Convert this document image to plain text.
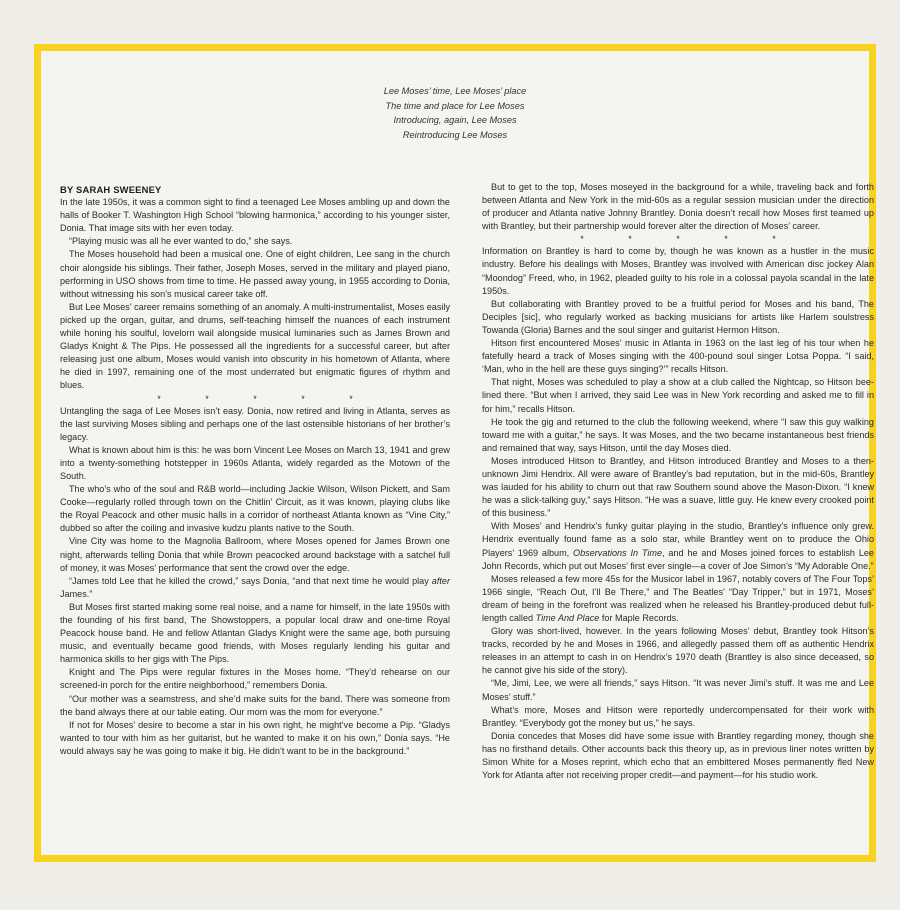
Lee Moses’ time, Lee Moses’ place
The time and place for Lee Moses
Introducing, again, Lee Moses
Reintroducing Lee Moses
BY SARAH SWEENEY

In the late 1950s, it was a common sight to find a teenaged Lee Moses ambling up and down the halls of Booker T. Washington High School “blowing harmonica,” according to his younger sister, Donia. That image sits with her even today.

“Playing music was all he ever wanted to do,” she says.

The Moses household had been a musical one. One of eight children, Lee sang in the church choir alongside his siblings. Their father, Joseph Moses, served in the military and played piano, performing in USO shows from time to time. He passed away young, in 1955 according to Donia, without witnessing his son’s musical career take off.

But Lee Moses’ career remains something of an anomaly. A multi-instrumentalist, Moses easily picked up the organ, guitar, and drums, self-teaching himself the nuances of each instrument while honing his soulful, lovelorn wail alongside musical luminaries such as James Brown and Gladys Knight & The Pips. He possessed all the ingredients for a successful career, but after releasing just one album, Moses would vanish into obscurity in his hometown of Atlanta, where he died in 1997, remaining one of the most underrated but enigmatic figures of rhythm and blues.

*	*	*	*	*

Untangling the saga of Lee Moses isn’t easy. Donia, now retired and living in Atlanta, serves as the last surviving Moses sibling and perhaps one of the last ostensible historians of her brother’s legacy.

What is known about him is this: he was born Vincent Lee Moses on March 13, 1941 and grew into a twenty-something hotstepper in 1960s Atlanta, widely regarded as the Motown of the South.

The who’s who of the soul and R&B world—including Jackie Wilson, Wilson Pickett, and Sam Cooke—regularly rolled through town on the Chitlin’ Circuit, as it was known, playing clubs like the Royal Peacock and other music halls in a corridor of northeast Atlanta known as “Vine City,” dubbed so after the coiling and invasive kudzu plants native to the South.

Vine City was home to the Magnolia Ballroom, where Moses opened for James Brown one night, afterwards telling Donia that while Brown peacocked around backstage with a satchel full of money, it was Moses’ performance that sent the crowd over the edge.

“James told Lee that he killed the crowd,” says Donia, “and that next time he would play after James.”

But Moses first started making some real noise, and a name for himself, in the late 1950s with the founding of his first band, The Showstoppers, a popular local draw and one-time Royal Peacock house band. He and fellow Atlantan Gladys Knight were the same age, both pursuing music, and eventually became good friends, with Moses regularly lending his guitar and harmonica skills to her gigs with The Pips.

Knight and The Pips were regular fixtures in the Moses home. “They’d rehearse on our screened-in porch for the entire neighborhood,” remembers Donia.

“Our mother was a seamstress, and she’d make suits for the band. There was someone from the band always there at our table eating. Our mom was the mom for everyone.”

If not for Moses’ desire to become a star in his own right, he might’ve become a Pip. “Gladys wanted to tour with him as her guitarist, but he wanted to make it on his own,” Donia says. “He would always say he was going to make it big. He didn’t want to be in the background.”

But to get to the top, Moses moseyed in the background for a while, traveling back and forth between Atlanta and New York in the mid-60s as a regular session musician under the direction of producer and Atlanta native Johnny Brantley. Donia doesn’t recall how Moses first teamed up with Brantley, but their partnership would forever alter the direction of Moses’ career.

*	*	*	*	*

Information on Brantley is hard to come by, though he was known as a hustler in the music industry. Before his dealings with Moses, Brantley was involved with American disc jockey Alan “Moondog” Freed, who, in 1962, pleaded guilty to his role in a colossal payola scandal in the late 1950s.

But collaborating with Brantley proved to be a fruitful period for Moses and his band, The Deciples [sic], who regularly worked as backing musicians for artists like Harlem soulstress Towanda (Gloria) Barnes and the soul singer and guitarist Hermon Hitson.

Hitson first encountered Moses’ music in Atlanta in 1963 on the last leg of his tour when he fatefully heard a track of Moses singing with the 400-pound soul singer Lotsa Poppa. “I said, ‘Man, who in the hell are these guys singing?’” recalls Hitson.

That night, Moses was scheduled to play a show at a club called the Nightcap, so Hitson bee-lined there. “But when I arrived, they said Lee was in New York recording and asked me to fill in for him,” recalls Hitson.

He took the gig and returned to the club the following weekend, where “I saw this guy walking toward me with a guitar,” he says. It was Moses, and the two became instantaneous best friends and remained that way, says Hitson, until the day Moses died.

Moses introduced Hitson to Brantley, and Hitson introduced Brantley and Moses to a then-unknown Jimi Hendrix. All were aware of Brantley’s bad reputation, but in the mid-60s, Brantley was lauded for his ability to churn out that raw Southern sound above the Mason-Dixon. “I knew he was a slick-talking guy,” says Hitson. “He was a suave, little guy. He knew every crooked point of this business.”

With Moses’ and Hendrix’s funky guitar playing in the studio, Brantley’s influence only grew. Hendrix eventually found fame as a solo star, while Brantley went on to produce the Ohio Players’ 1969 album, Observations In Time, and he and Moses joined forces to establish Lee John Records, which put out Moses’ first ever single—a cover of Joe Simon’s “My Adorable One.”

Moses released a few more 45s for the Musicor label in 1967, notably covers of The Four Tops’ 1966 single, “Reach Out, I’ll Be There,” and The Beatles’ “Day Tripper,” but in 1971, Moses’ dream of being in the forefront was realized when he released his Brantley-produced debut full-length called Time And Place for Maple Records.

Glory was short-lived, however. In the years following Moses’ debut, Brantley took Hitson’s tracks, recorded by he and Moses in 1966, and allegedly passed them off as authentic Hendrix releases in an attempt to cash in on Hendrix’s 1970 death (Brantley is also since deceased, so he cannot give his side of the story).

“Me, Jimi, Lee, we were all friends,” says Hitson. “It was never Jimi’s stuff. It was me and Lee Moses’ stuff.”

What’s more, Moses and Hitson were reportedly undercompensated for their work with Brantley. “Everybody got the money but us,” he says.

Donia concedes that Moses did have some issue with Brantley regarding money, though she has no firsthand details. Other accounts back this theory up, as in previous liner notes written by Simon White for a Moses reprint, which echo that an embittered Moses permanently fled New York for Atlanta after not receiving proper credit—and payment—for his studio work.
